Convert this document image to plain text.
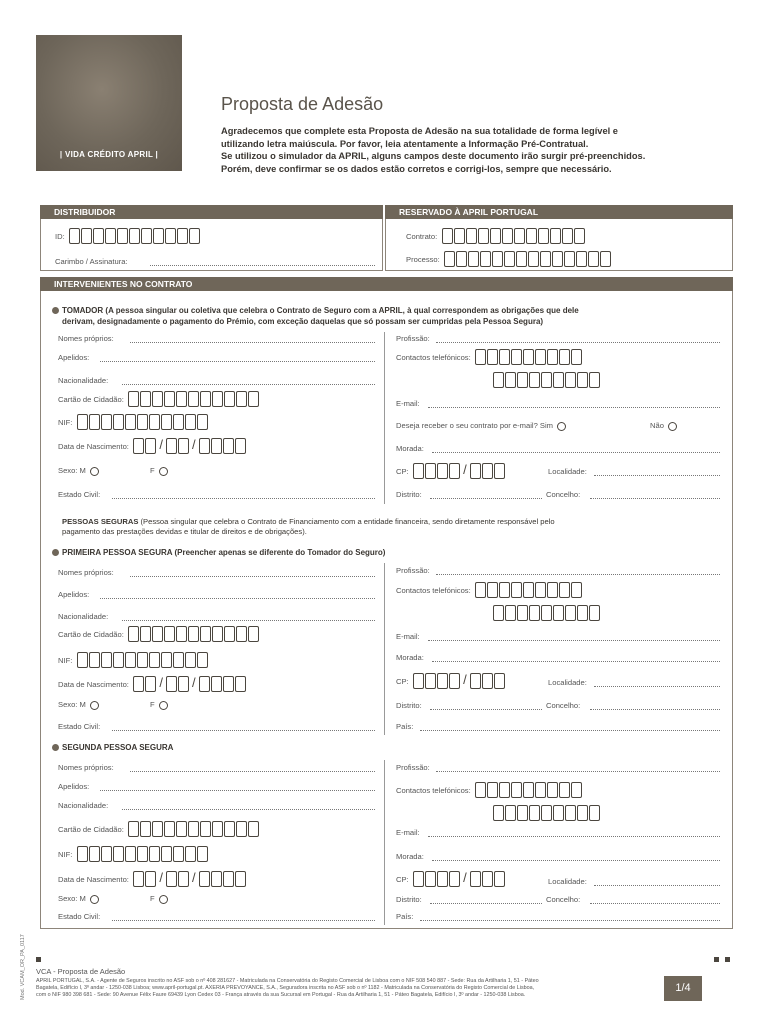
| VIDA CRÉDITO APRIL |
Proposta de Adesão
Agradecemos que complete esta Proposta de Adesão na sua totalidade de forma legível e
utilizando letra maiúscula. Por favor, leia atentamente a Informação Pré-Contratual.
Se utilizou o simulador da APRIL, alguns campos deste documento irão surgir pré-preenchidos.
Porém, deve confirmar se os dados estão corretos e corrigi-los, sempre que necessário.
DISTRIBUIDOR	RESERVADO À APRIL PORTUGAL
ID:
Carimbo / Assinatura:
Contrato:
Processo:
INTERVENIENTES NO CONTRATO
TOMADOR (A pessoa singular ou coletiva que celebra o Contrato de Seguro com a APRIL, à qual correspondem as obrigações que dele
derivam, designadamente o pagamento do Prémio, com exceção daquelas que só possam ser cumpridas pela Pessoa Segura)
Nomes próprios:
Apelidos:
Nacionalidade:
Cartão de Cidadão:
NIF:
Data de Nascimento: / /
Sexo: M	F
Estado Civil:
Profissão:
Contactos telefónicos:
E-mail:
Deseja receber o seu contrato por e-mail? Sim	Não
Morada:
CP:	/	Localidade:
Distrito:	Concelho:
PESSOAS SEGURAS (Pessoa singular que celebra o Contrato de Financiamento com a entidade financeira, sendo diretamente responsável pelo
pagamento das prestações devidas e titular de direitos e de obrigações).
PRIMEIRA PESSOA SEGURA (Preencher apenas se diferente do Tomador do Seguro)
Nomes próprios:
Apelidos:
Nacionalidade:
Cartão de Cidadão:
NIF:
Data de Nascimento: / /
Sexo: M	F
Estado Civil:
Profissão:
Contactos telefónicos:
E-mail:
Morada:
CP:	/	Localidade:
Distrito:	Concelho:
País:
SEGUNDA PESSOA SEGURA
Nomes próprios:
Apelidos:
Nacionalidade:
Cartão de Cidadão:
NIF:
Data de Nascimento: / /
Sexo: M	F
Estado Civil:
Profissão:
Contactos telefónicos:
E-mail:
Morada:
CP:	/	Localidade:
Distrito:	Concelho:
País:
VCA - Proposta de Adesão
APRIL PORTUGAL, S.A. - Agente de Seguros inscrito no ASF sob o nº 408 281627 - Matriculada na Conservatória do Registo Comercial de Lisboa com o NIF 508 540 887 - Sede: Rua da Artilharia 1, 51 - Páteo
Bagatela, Edifício I, 3º andar - 1250-038 Lisboa; www.april-portugal.pt. AXERIA PREVOYANCE, S.A., Seguradora inscrita no ASF sob o nº 1182 - Matriculada na Conservatória do Registo Comercial de Lisboa,
com o NIF 980 398 681 - Sede: 90 Avenue Félix Faure 69439 Lyon Cedex 03 - França através da sua Sucursal em Portugal - Rua da Artilharia 1, 51 - Páteo Bagatela, Edifício I, 3º andar - 1250-038 Lisboa.
1/4
Mod. VCAM_OR_PA_0117
